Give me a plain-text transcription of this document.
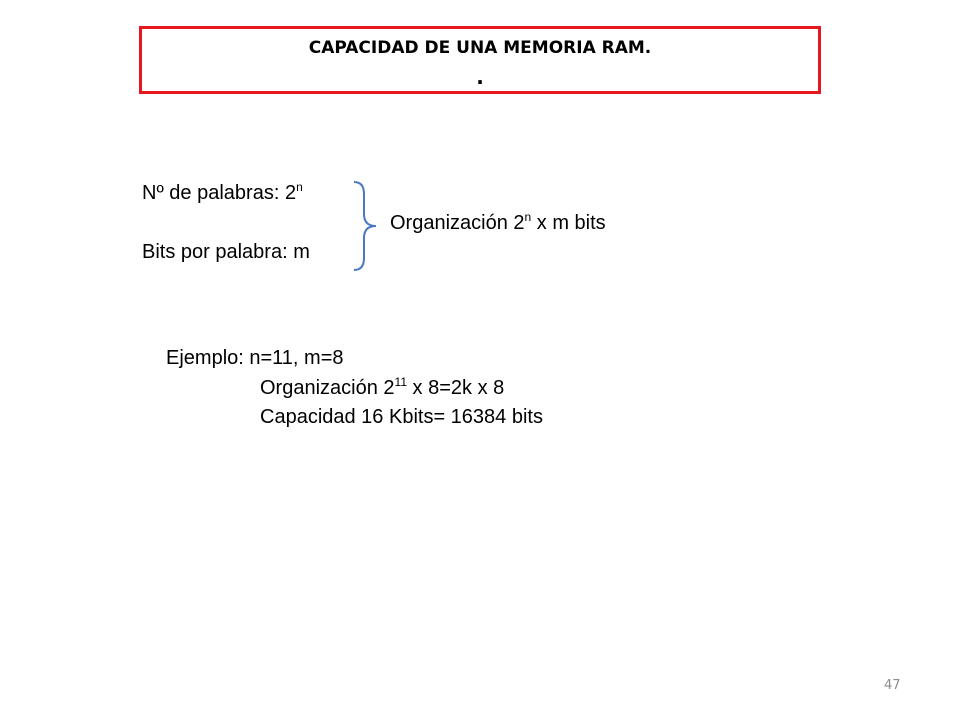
CAPACIDAD DE UNA MEMORIA RAM.
.
Nº de palabras: 2$^n$
Bits por palabra: m
Organización 2$^n$ x m bits
Ejemplo: n=11, m=8
Organización $2^{11}$ x 8=2k x 8
Capacidad 16 Kbits= 16384 bits
47
